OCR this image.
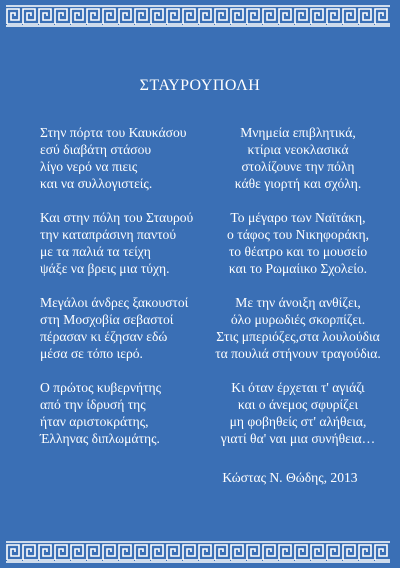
ΣΤΑΥΡΟΥΠΟΛΗ
Στην πόρτα του Καυκάσου
εσύ διαβάτη στάσου
λίγο νερό να πιεις
και να συλλογιστείς.
Και στην πόλη του Σταυρού
την καταπράσινη παντού
με τα παλιά τα τείχη
ψάξε να βρεις μια τύχη.
Μεγάλοι άνδρες ξακουστοί
στη Μοσχοβία σεβαστοί
πέρασαν κι έζησαν εδώ
μέσα σε τόπο ιερό.
Ο πρώτος κυβερνήτης
από την ίδρυσή της
ήταν αριστοκράτης,
Έλληνας διπλωμάτης.
Μνημεία επιβλητικά,
κτίρια νεοκλασικά
στολίζουνε την πόλη
κάθε γιορτή και σχόλη.
Το μέγαρο των Ναϊτάκη,
ο τάφος του Νικηφοράκη,
το θέατρο και το μουσείο
και το Ρωμαίικο Σχολείο.
Με την άνοιξη ανθίζει,
όλο μυρωδιές σκορπίζει.
Στις μπεριόζες,στα λουλούδια
τα πουλιά στήνουν τραγούδια.
Κι όταν έρχεται τ' αγιάζι
και ο άνεμος σφυρίζει
μη φοβηθείς στ' αλήθεια,
γιατί θα' ναι μια συνήθεια…
Κώστας Ν. Θώδης, 2013
